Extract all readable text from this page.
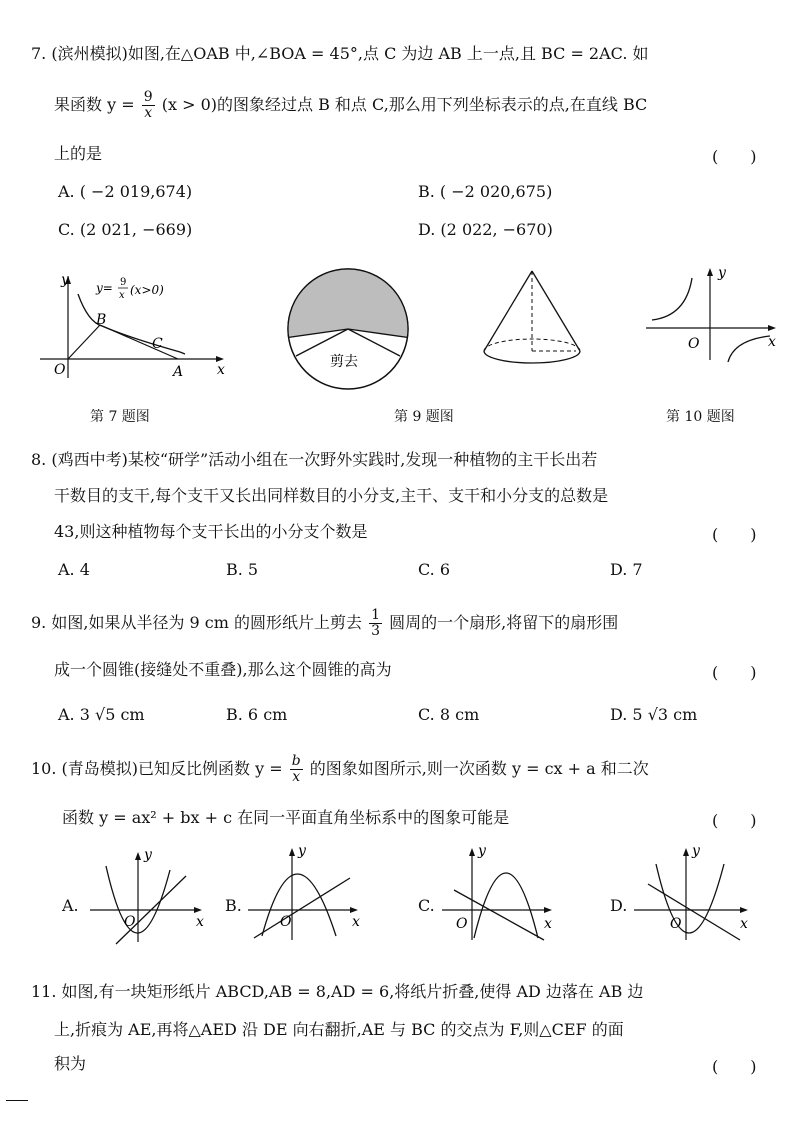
7. (滨州模拟)如图,在△OAB 中,∠BOA = 45°,点 C 为边 AB 上一点,且 BC = 2AC. 如
果函数 $y = \frac{9}{x} (x > 0)$的图象经过点 B 和点 C,那么用下列坐标表示的点,在直线 BC
上的是	(　　)
A. ( −2 019,674)	B. ( −2 020,675)
C. (2 021, −669)	D. (2 022, −670)
y
x
O	A
B
C
y= 9
x (x>0)
第 7 题图
剪去
第 9 题图
y
x
O
第 10 题图
8. (鸡西中考)某校“研学”活动小组在一次野外实践时,发现一种植物的主干长出若
干数目的支干,每个支干又长出同样数目的小分支,主干、支干和小分支的总数是
43,则这种植物每个支干长出的小分支个数是	(　　)
A. 4	B. 5	C. 6	D. 7
9. 如图,如果从半径为 9 cm 的圆形纸片上剪去 $\frac{1}{3}$ 圆周的一个扇形,将留下的扇形围
成一个圆锥(接缝处不重叠),那么这个圆锥的高为	(　　)
A. 3 √5 cm	B. 6 cm	C. 8 cm	D. 5 √3 cm
10. (青岛模拟)已知反比例函数 $y = \frac{b}{x}$ 的图象如图所示,则一次函数 y = cx + a 和二次
函数 y = ax² + bx + c 在同一平面直角坐标系中的图象可能是	(　　)
A.
y
x
O
B.
y
x
O
C.
y
x
O
D.
y
x
O
11. 如图,有一块矩形纸片 ABCD,AB = 8,AD = 6,将纸片折叠,使得 AD 边落在 AB 边
上,折痕为 AE,再将△AED 沿 DE 向右翻折,AE 与 BC 的交点为 F,则△CEF 的面
积为	(　　)
